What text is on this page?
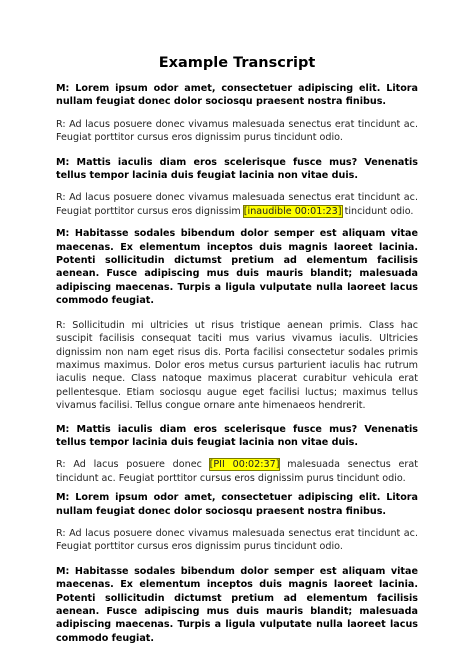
Example Transcript

M: Lorem ipsum odor amet, consectetuer adipiscing elit. Litora nullam feugiat donec dolor sociosqu praesent nostra finibus.

R: Ad lacus posuere donec vivamus malesuada senectus erat tincidunt ac. Feugiat porttitor cursus eros dignissim purus tincidunt odio.

M: Mattis iaculis diam eros scelerisque fusce mus? Venenatis tellus tempor lacinia duis feugiat lacinia non vitae duis.

R: Ad lacus posuere donec vivamus malesuada senectus erat tincidunt ac. Feugiat porttitor cursus eros dignissim [inaudible 00:01:23] tincidunt odio.

M: Habitasse sodales bibendum dolor semper est aliquam vitae maecenas. Ex elementum inceptos duis magnis laoreet lacinia. Potenti sollicitudin dictumst pretium ad elementum facilisis aenean. Fusce adipiscing mus duis mauris blandit; malesuada adipiscing maecenas. Turpis a ligula vulputate nulla laoreet lacus commodo feugiat.

R: Sollicitudin mi ultricies ut risus tristique aenean primis. Class hac suscipit facilisis consequat taciti mus varius vivamus iaculis. Ultricies dignissim non nam eget risus dis. Porta facilisi consectetur sodales primis maximus maximus. Dolor eros metus cursus parturient iaculis hac rutrum iaculis neque. Class natoque maximus placerat curabitur vehicula erat pellentesque. Etiam sociosqu augue eget facilisi luctus; maximus tellus vivamus facilisi. Tellus congue ornare ante himenaeos hendrerit.

M: Mattis iaculis diam eros scelerisque fusce mus? Venenatis tellus tempor lacinia duis feugiat lacinia non vitae duis.

R: Ad lacus posuere donec [PII 00:02:37] malesuada senectus erat tincidunt ac. Feugiat porttitor cursus eros dignissim purus tincidunt odio.

M: Lorem ipsum odor amet, consectetuer adipiscing elit. Litora nullam feugiat donec dolor sociosqu praesent nostra finibus.

R: Ad lacus posuere donec vivamus malesuada senectus erat tincidunt ac. Feugiat porttitor cursus eros dignissim purus tincidunt odio.

M: Habitasse sodales bibendum dolor semper est aliquam vitae maecenas. Ex elementum inceptos duis magnis laoreet lacinia. Potenti sollicitudin dictumst pretium ad elementum facilisis aenean. Fusce adipiscing mus duis mauris blandit; malesuada adipiscing maecenas. Turpis a ligula vulputate nulla laoreet lacus commodo feugiat.
